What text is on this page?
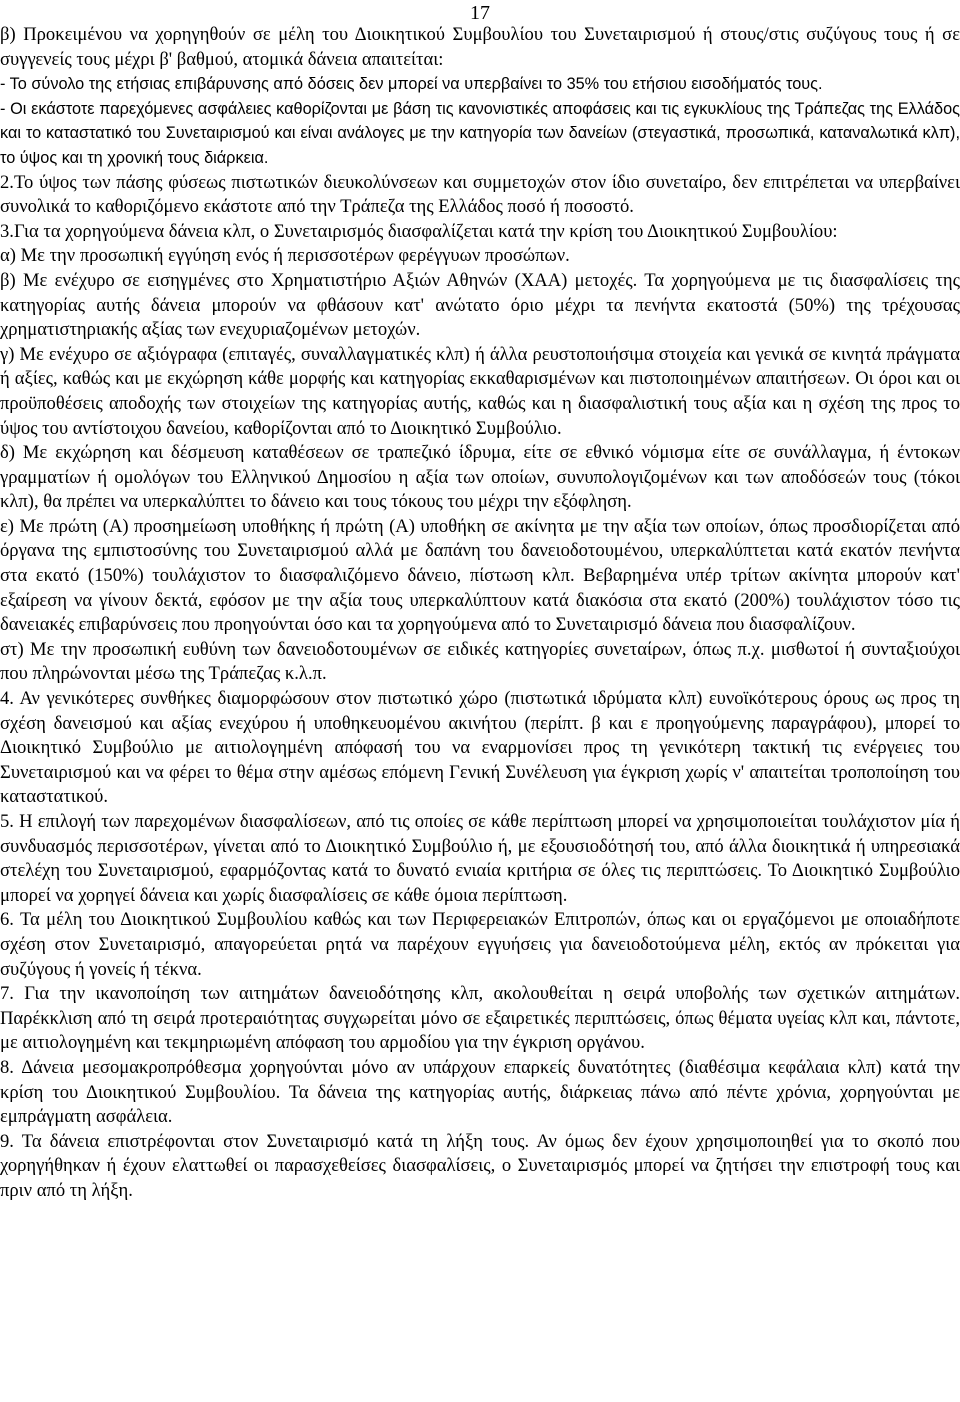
17

β) Προκειμένου να χορηγηθούν σε μέλη του Διοικητικού Συμβουλίου του Συνεταιρισμού ή στους/στις συζύγους τους ή σε συγγενείς τους μέχρι β' βαθμού, ατομικά δάνεια απαιτείται:

- Το σύνολο της ετήσιας επιβάρυνσης από δόσεις δεν μπορεί να υπερβαίνει το 35% του ετήσιου εισοδήματός τους.

- Οι εκάστοτε παρεχόμενες ασφάλειες καθορίζονται με βάση τις κανονιστικές αποφάσεις και τις εγκυκλίους της Τράπεζας της Ελλάδος και το καταστατικό του Συνεταιρισμού και είναι ανάλογες με την κατηγορία των δανείων (στεγαστικά, προσωπικά, καταναλωτικά κλπ), το ύψος και τη χρονική τους διάρκεια.

2.Το ύψος των πάσης φύσεως πιστωτικών διευκολύνσεων και συμμετοχών στον ίδιο συνεταίρο, δεν επιτρέπεται να υπερβαίνει συνολικά το καθοριζόμενο εκάστοτε από την Τράπεζα της Ελλάδος ποσό ή ποσοστό.

3.Για τα χορηγούμενα δάνεια κλπ, ο Συνεταιρισμός διασφαλίζεται κατά την κρίση του Διοικητικού Συμβουλίου:

α) Με την προσωπική εγγύηση ενός ή περισσοτέρων φερέγγυων προσώπων.

β) Με ενέχυρο σε εισηγμένες στο Χρηματιστήριο Αξιών Αθηνών (ΧΑΑ) μετοχές. Τα χορηγούμενα με τις διασφαλίσεις της κατηγορίας αυτής δάνεια μπορούν να φθάσουν κατ' ανώτατο όριο μέχρι τα πενήντα εκατοστά (50%) της τρέχουσας χρηματιστηριακής αξίας των ενεχυριαζομένων μετοχών.

γ) Με ενέχυρο σε αξιόγραφα (επιταγές, συναλλαγματικές κλπ) ή άλλα ρευστοποιήσιμα στοιχεία και γενικά σε κινητά πράγματα ή αξίες, καθώς και με εκχώρηση κάθε μορφής και κατηγορίας εκκαθαρισμένων και πιστοποιημένων απαιτήσεων. Οι όροι και οι προϋποθέσεις αποδοχής των στοιχείων της κατηγορίας αυτής, καθώς και η διασφαλιστική τους αξία και η σχέση της προς το ύψος του αντίστοιχου δανείου, καθορίζονται από το Διοικητικό Συμβούλιο.

δ) Με εκχώρηση και δέσμευση καταθέσεων σε τραπεζικό ίδρυμα, είτε σε εθνικό νόμισμα είτε σε συνάλλαγμα, ή έντοκων γραμματίων ή ομολόγων του Ελληνικού Δημοσίου η αξία των οποίων, συνυπολογιζομένων και των αποδόσεών τους (τόκοι κλπ), θα πρέπει να υπερκαλύπτει το δάνειο και τους τόκους του μέχρι την εξόφληση.

ε) Με πρώτη (Α) προσημείωση υποθήκης ή πρώτη (Α) υποθήκη σε ακίνητα με την αξία των οποίων, όπως προσδιορίζεται από όργανα της εμπιστοσύνης του Συνεταιρισμού αλλά με δαπάνη του δανειοδοτουμένου, υπερκαλύπτεται κατά εκατόν πενήντα στα εκατό (150%) τουλάχιστον το διασφαλιζόμενο δάνειο, πίστωση κλπ. Βεβαρημένα υπέρ τρίτων ακίνητα μπορούν κατ' εξαίρεση να γίνουν δεκτά, εφόσον με την αξία τους υπερκαλύπτουν κατά διακόσια στα εκατό (200%) τουλάχιστον τόσο τις δανειακές επιβαρύνσεις που προηγούνται όσο και τα χορηγούμενα από το Συνεταιρισμό δάνεια που διασφαλίζουν.

στ) Με την προσωπική ευθύνη των δανειοδοτουμένων σε ειδικές κατηγορίες συνεταίρων, όπως π.χ. μισθωτοί ή συνταξιούχοι που πληρώνονται μέσω της Τράπεζας κ.λ.π.

4. Αν γενικότερες συνθήκες διαμορφώσουν στον πιστωτικό χώρο (πιστωτικά ιδρύματα κλπ) ευνοϊκότερους όρους ως προς τη σχέση δανεισμού και αξίας ενεχύρου ή υποθηκευομένου ακινήτου (περίπτ. β και ε προηγούμενης παραγράφου), μπορεί το Διοικητικό Συμβούλιο με αιτιολογημένη απόφασή του να εναρμονίσει προς τη γενικότερη τακτική τις ενέργειες του Συνεταιρισμού και να φέρει το θέμα στην αμέσως επόμενη Γενική Συνέλευση για έγκριση χωρίς ν' απαιτείται τροποποίηση του καταστατικού.

5. Η επιλογή των παρεχομένων διασφαλίσεων, από τις οποίες σε κάθε περίπτωση μπορεί να χρησιμοποιείται τουλάχιστον μία ή συνδυασμός περισσοτέρων, γίνεται από το Διοικητικό Συμβούλιο ή, με εξουσιοδότησή του, από άλλα διοικητικά ή υπηρεσιακά στελέχη του Συνεταιρισμού, εφαρμόζοντας κατά το δυνατό ενιαία κριτήρια σε όλες τις περιπτώσεις. Το Διοικητικό Συμβούλιο μπορεί να χορηγεί δάνεια και χωρίς διασφαλίσεις σε κάθε όμοια περίπτωση.

6. Τα μέλη του Διοικητικού Συμβουλίου καθώς και των Περιφερειακών Επιτροπών, όπως και οι εργαζόμενοι με οποιαδήποτε σχέση στον Συνεταιρισμό, απαγορεύεται ρητά να παρέχουν εγγυήσεις για δανειοδοτούμενα μέλη, εκτός αν πρόκειται για συζύγους ή γονείς ή τέκνα.

7. Για την ικανοποίηση των αιτημάτων δανειοδότησης κλπ, ακολουθείται η σειρά υποβολής των σχετικών αιτημάτων. Παρέκκλιση από τη σειρά προτεραιότητας συγχωρείται μόνο σε εξαιρετικές περιπτώσεις, όπως θέματα υγείας κλπ και, πάντοτε, με αιτιολογημένη και τεκμηριωμένη απόφαση του αρμοδίου για την έγκριση οργάνου.

8. Δάνεια μεσομακροπρόθεσμα χορηγούνται μόνο αν υπάρχουν επαρκείς δυνατότητες (διαθέσιμα κεφάλαια κλπ) κατά την κρίση του Διοικητικού Συμβουλίου. Τα δάνεια της κατηγορίας αυτής, διάρκειας πάνω από πέντε χρόνια, χορηγούνται με εμπράγματη ασφάλεια.

9. Τα δάνεια επιστρέφονται στον Συνεταιρισμό κατά τη λήξη τους. Αν όμως δεν έχουν χρησιμοποιηθεί για το σκοπό που χορηγήθηκαν ή έχουν ελαττωθεί οι παρασχεθείσες διασφαλίσεις, ο Συνεταιρισμός μπορεί να ζητήσει την επιστροφή τους και πριν από τη λήξη.
